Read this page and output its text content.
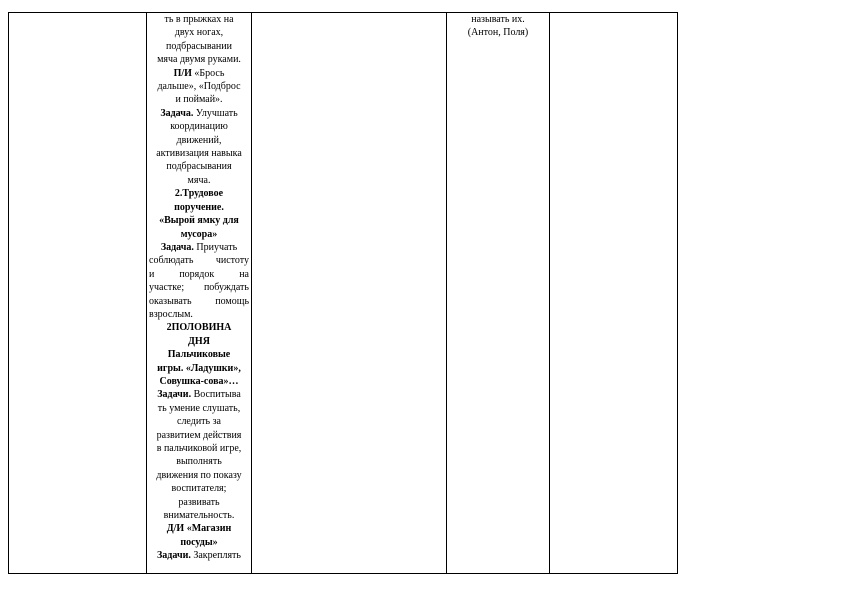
ть в прыжках на
двух ногах,
подбрасывании
мяча двумя руками.
П/И «Брось
дальше», «Подброс
и поймай».
Задача. Улучшать
координацию
движений,
активизация навыка
подбрасывания
мяча.
2.Трудовое
поручение.
«Вырой ямку для
мусора»
Задача. Приучать
соблюдать чистоту
и порядок на
участке; побуждать
оказывать помощь
взрослым.
2ПОЛОВИНА
ДНЯ
Пальчиковые
игры. «Ладушки»,
Совушка-сова»…
Задачи. Воспитыва
ть умение слушать,
следить за
развитием действия
в пальчиковой игре,
выполнять
движения по показу
воспитателя;
развивать
внимательность.
Д/И «Магазин
посуды»
Задачи. Закреплять
называть их.
(Антон, Поля)
